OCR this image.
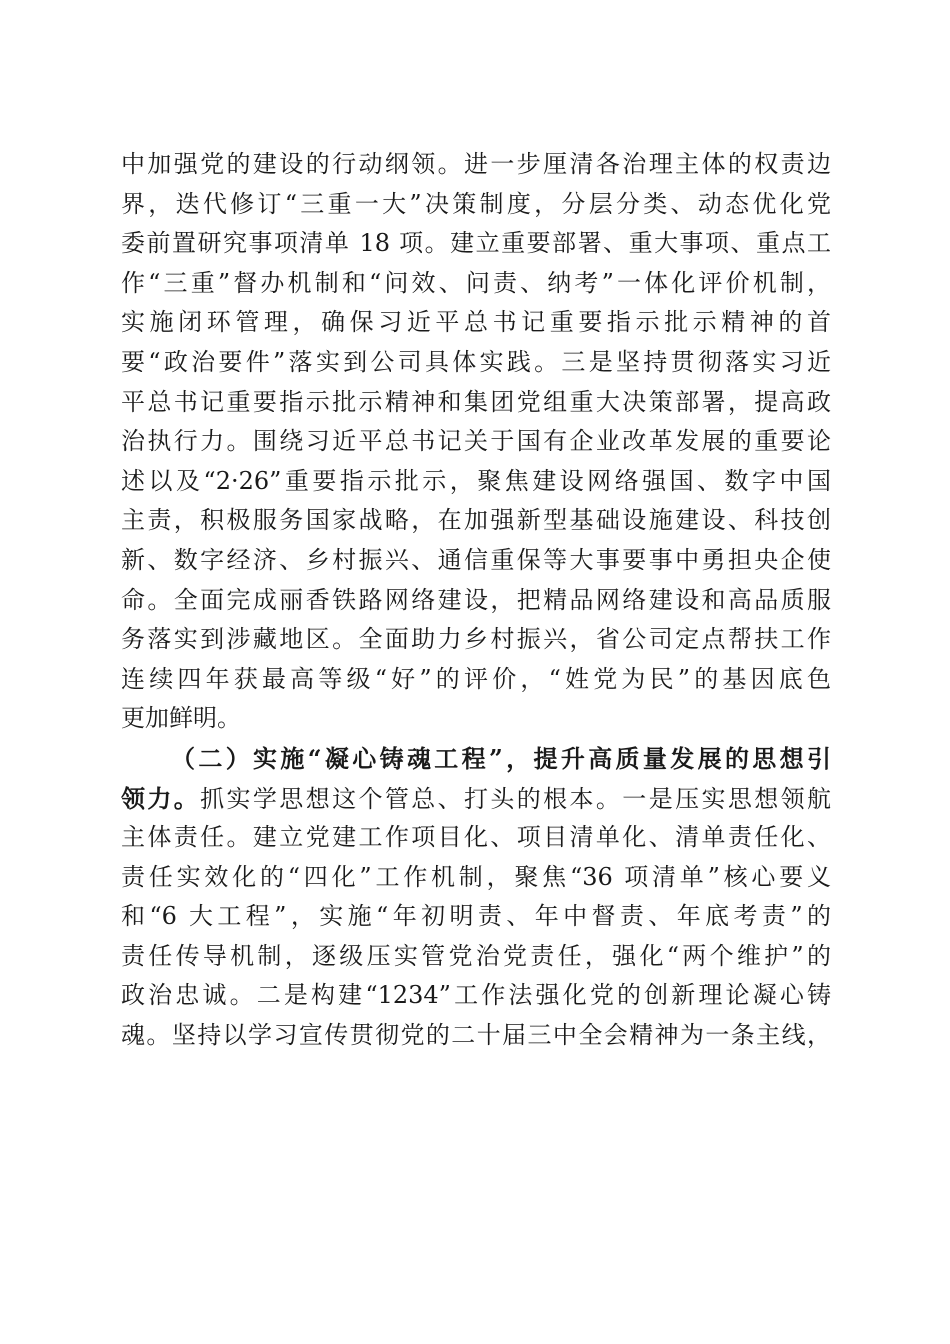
中加强党的建设的行动纲领。进一步厘清各治理主体的权责边
界，迭代修订“三重一大”决策制度，分层分类、动态优化党
委前置研究事项清单 18 项。建立重要部署、重大事项、重点工
作“三重”督办机制和“问效、问责、纳考”一体化评价机制，
实施闭环管理，确保习近平总书记重要指示批示精神的首
要“政治要件”落实到公司具体实践。三是坚持贯彻落实习近
平总书记重要指示批示精神和集团党组重大决策部署，提高政
治执行力。围绕习近平总书记关于国有企业改革发展的重要论
述以及“2·26”重要指示批示，聚焦建设网络强国、数字中国
主责，积极服务国家战略，在加强新型基础设施建设、科技创
新、数字经济、乡村振兴、通信重保等大事要事中勇担央企使
命。全面完成丽香铁路网络建设，把精品网络建设和高品质服
务落实到涉藏地区。全面助力乡村振兴，省公司定点帮扶工作
连续四年获最高等级“好”的评价，“姓党为民”的基因底色
更加鲜明。
（二）实施“凝心铸魂工程”，提升高质量发展的思想引
领力。抓实学思想这个管总、打头的根本。一是压实思想领航
主体责任。建立党建工作项目化、项目清单化、清单责任化、
责任实效化的“四化”工作机制，聚焦“36 项清单”核心要义
和“6 大工程”，实施“年初明责、年中督责、年底考责”的
责任传导机制，逐级压实管党治党责任，强化“两个维护”的
政治忠诚。二是构建“1234”工作法强化党的创新理论凝心铸
魂。坚持以学习宣传贯彻党的二十届三中全会精神为一条主线，
